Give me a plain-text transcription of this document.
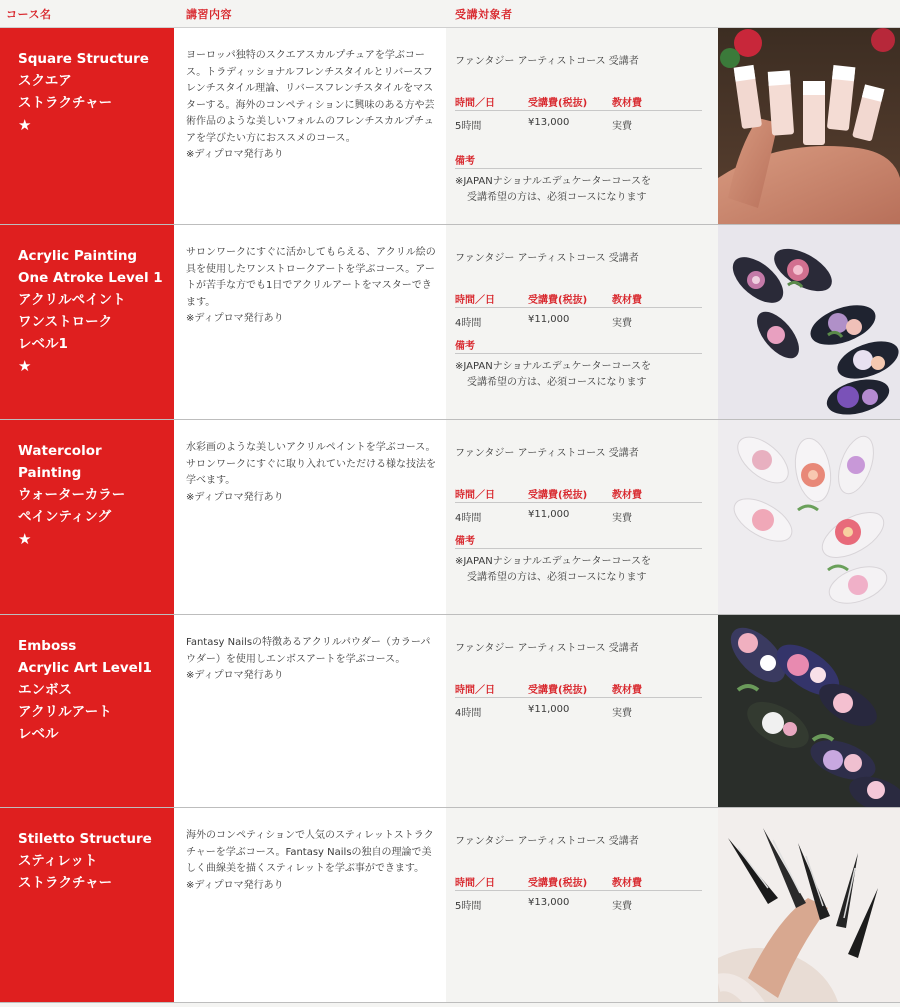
コース名	講習内容	受講対象者
Square Structure
スクエア
ストラクチャー
★
ヨーロッパ独特のスクエアスカルプチュアを学ぶコース。トラディッショナルフレンチスタイルとリバースフレンチスタイル理論、リバースフレンチスタイルをマスターする。海外のコンペティションに興味のある方や芸術作品のような美しいフォルムのフレンチスカルプチュアを学びたい方におススメのコース。
※ディプロマ発行あり
ファンタジー アーティストコース 受講者
時間／日	受講費(税抜) 教材費
5時間	¥13,000	実費
備考
※JAPANナショナルエデュケーターコースを
受講希望の方は、必須コースになります
Acrylic Painting
One Atroke Level 1
アクリルペイント
ワンストローク
レベル1
★
サロンワークにすぐに活かしてもらえる、アクリル絵の具を使用したワンストロークアートを学ぶコース。アートが苦手な方でも1日でアクリルアートをマスターできます。
※ディプロマ発行あり
ファンタジー アーティストコース 受講者
時間／日	受講費(税抜) 教材費
4時間	¥11,000	実費
備考
※JAPANナショナルエデュケーターコースを
受講希望の方は、必須コースになります
Watercolor
Painting
ウォーターカラー
ペインティング
★
水彩画のような美しいアクリルペイントを学ぶコース。サロンワークにすぐに取り入れていただける様な技法を学べます。
※ディプロマ発行あり
ファンタジー アーティストコース 受講者
時間／日	受講費(税抜) 教材費
4時間	¥11,000	実費
備考
※JAPANナショナルエデュケーターコースを
受講希望の方は、必須コースになります
Emboss
Acrylic Art Level1
エンボス
アクリルアート
レベル
Fantasy Nailsの特徴あるアクリルパウダー（カラーパウダー）を使用しエンボスアートを学ぶコース。
※ディプロマ発行あり
ファンタジー アーティストコース 受講者
時間／日	受講費(税抜) 教材費
4時間	¥11,000	実費
Stiletto Structure
スティレット
ストラクチャー
海外のコンペティションで人気のスティレットストラクチャーを学ぶコース。Fantasy Nailsの独自の理論で美しく曲線美を描くスティレットを学ぶ事ができます。
※ディプロマ発行あり
ファンタジー アーティストコース 受講者
時間／日	受講費(税抜) 教材費
5時間	¥13,000	実費
